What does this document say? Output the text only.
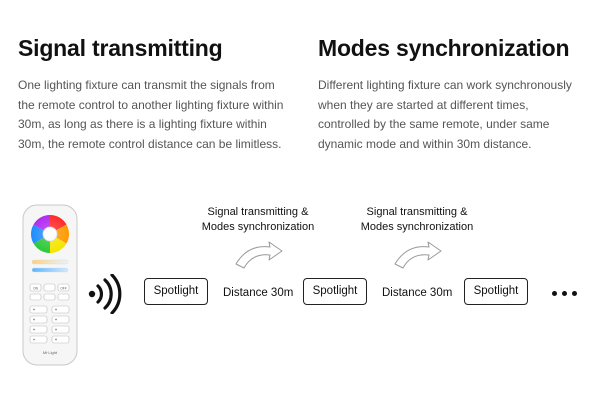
Signal transmitting

One lighting fixture can transmit the signals from the remote control to another lighting fixture within 30m, as long as there is a lighting fixture within 30m, the remote control distance can be limitless.

Modes synchronization

Different lighting fixture can work synchronously when they are started at different times, controlled by the same remote, under same dynamic mode and within 30m distance.

ON	OFF
Mi·Light
Signal transmitting &
Modes synchronization
Signal transmitting &
Modes synchronization
Spotlight	Distance 30m	Spotlight	Distance 30m	Spotlight
